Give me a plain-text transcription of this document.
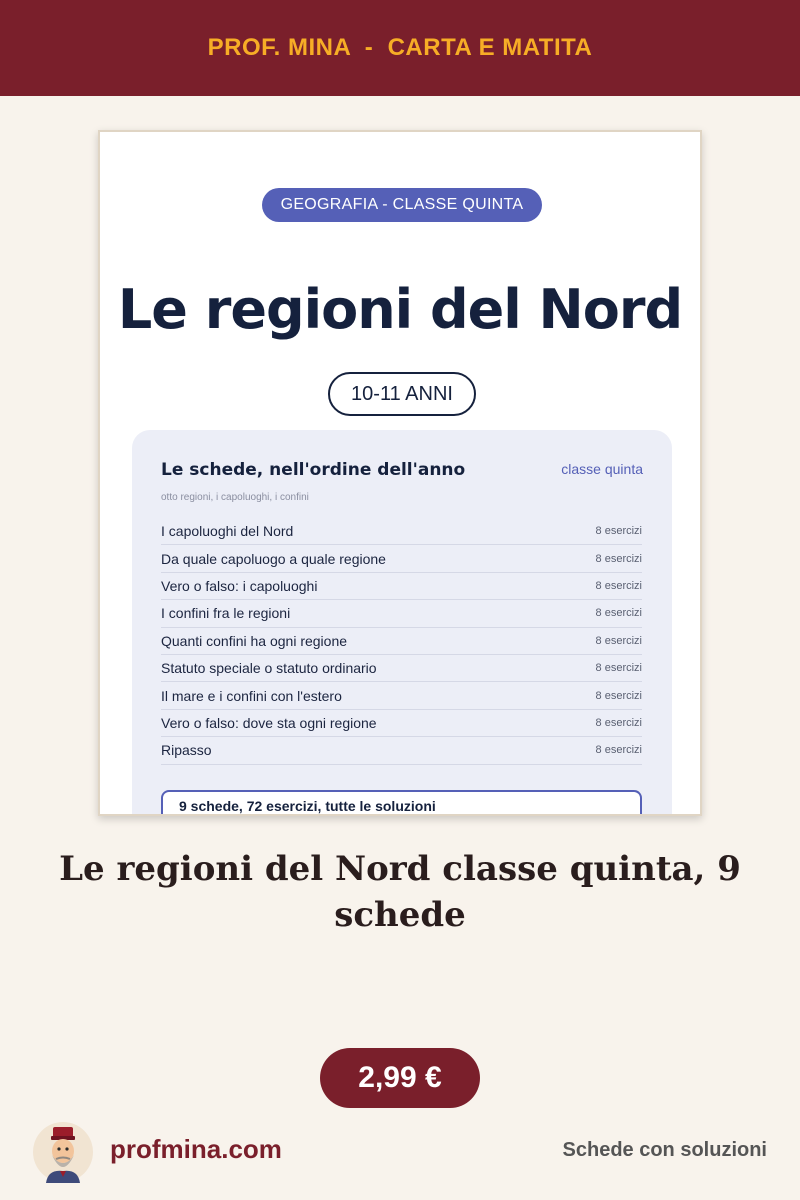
PROF. MINA  -  CARTA E MATITA
GEOGRAFIA - CLASSE QUINTA
Le regioni del Nord
10-11 ANNI
Le schede, nell'ordine dell'anno	classe quinta
otto regioni, i capoluoghi, i confini
I capoluoghi del Nord	8 esercizi
Da quale capoluogo a quale regione	8 esercizi
Vero o falso: i capoluoghi	8 esercizi
I confini fra le regioni	8 esercizi
Quanti confini ha ogni regione	8 esercizi
Statuto speciale o statuto ordinario	8 esercizi
Il mare e i confini con l'estero	8 esercizi
Vero o falso: dove sta ogni regione	8 esercizi
Ripasso	8 esercizi
9 schede, 72 esercizi, tutte le soluzioni
Le regioni del Nord classe quinta, 9 schede
2,99 €
profmina.com	Schede con soluzioni
